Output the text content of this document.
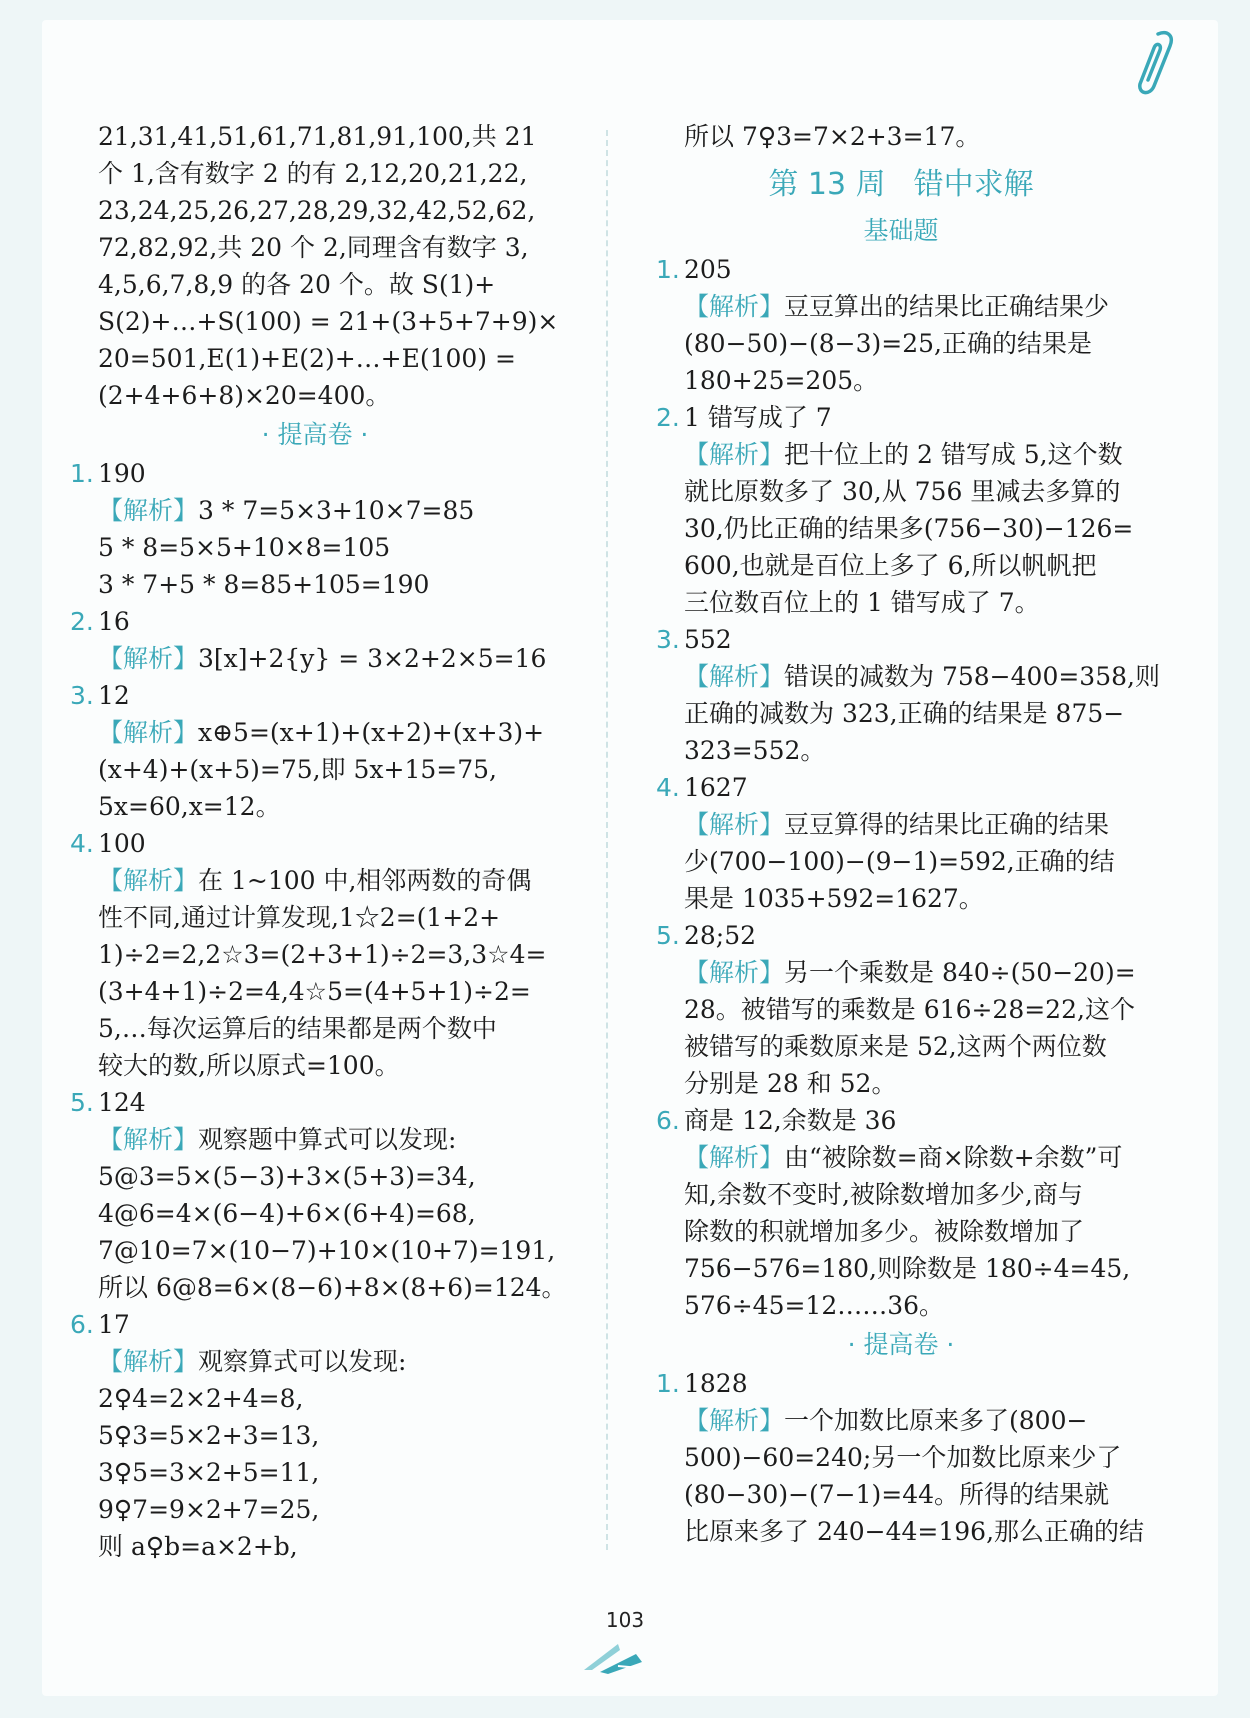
21,31,41,51,61,71,81,91,100,共 21
个 1,含有数字 2 的有 2,12,20,21,22,
23,24,25,26,27,28,29,32,42,52,62,
72,82,92,共 20 个 2,同理含有数字 3,
4,5,6,7,8,9 的各 20 个。故 S(1)+
S(2)+…+S(100) = 21+(3+5+7+9)×
20=501,E(1)+E(2)+…+E(100) =
(2+4+6+8)×20=400。
· 提高卷 ·
1. 190
【解析】3 * 7=5×3+10×7=85
5 * 8=5×5+10×8=105
3 * 7+5 * 8=85+105=190
2. 16
【解析】3[x]+2{y} = 3×2+2×5=16
3. 12
【解析】x⊕5=(x+1)+(x+2)+(x+3)+
(x+4)+(x+5)=75,即 5x+15=75,
5x=60,x=12。
4. 100
【解析】在 1~100 中,相邻两数的奇偶
性不同,通过计算发现,1☆2=(1+2+
1)÷2=2,2☆3=(2+3+1)÷2=3,3☆4=
(3+4+1)÷2=4,4☆5=(4+5+1)÷2=
5,…每次运算后的结果都是两个数中
较大的数,所以原式=100。
5. 124
【解析】观察题中算式可以发现:
5@3=5×(5−3)+3×(5+3)=34,
4@6=4×(6−4)+6×(6+4)=68,
7@10=7×(10−7)+10×(10+7)=191,
所以 6@8=6×(8−6)+8×(8+6)=124。
6. 17
【解析】观察算式可以发现:
2♀4=2×2+4=8,
5♀3=5×2+3=13,
3♀5=3×2+5=11,
9♀7=9×2+7=25,
则 a♀b=a×2+b,
所以 7♀3=7×2+3=17。
第 13 周 错中求解
基础题
1. 205
【解析】豆豆算出的结果比正确结果少
(80−50)−(8−3)=25,正确的结果是
180+25=205。
2. 1 错写成了 7
【解析】把十位上的 2 错写成 5,这个数
就比原数多了 30,从 756 里减去多算的
30,仍比正确的结果多(756−30)−126=
600,也就是百位上多了 6,所以帆帆把
三位数百位上的 1 错写成了 7。
3. 552
【解析】错误的减数为 758−400=358,则
正确的减数为 323,正确的结果是 875−
323=552。
4. 1627
【解析】豆豆算得的结果比正确的结果
少(700−100)−(9−1)=592,正确的结
果是 1035+592=1627。
5. 28;52
【解析】另一个乘数是 840÷(50−20)=
28。被错写的乘数是 616÷28=22,这个
被错写的乘数原来是 52,这两个两位数
分别是 28 和 52。
6. 商是 12,余数是 36
【解析】由“被除数=商×除数+余数”可
知,余数不变时,被除数增加多少,商与
除数的积就增加多少。被除数增加了
756−576=180,则除数是 180÷4=45,
576÷45=12……36。
· 提高卷 ·
1. 1828
【解析】一个加数比原来多了(800−
500)−60=240;另一个加数比原来少了
(80−30)−(7−1)=44。所得的结果就
比原来多了 240−44=196,那么正确的结
103
